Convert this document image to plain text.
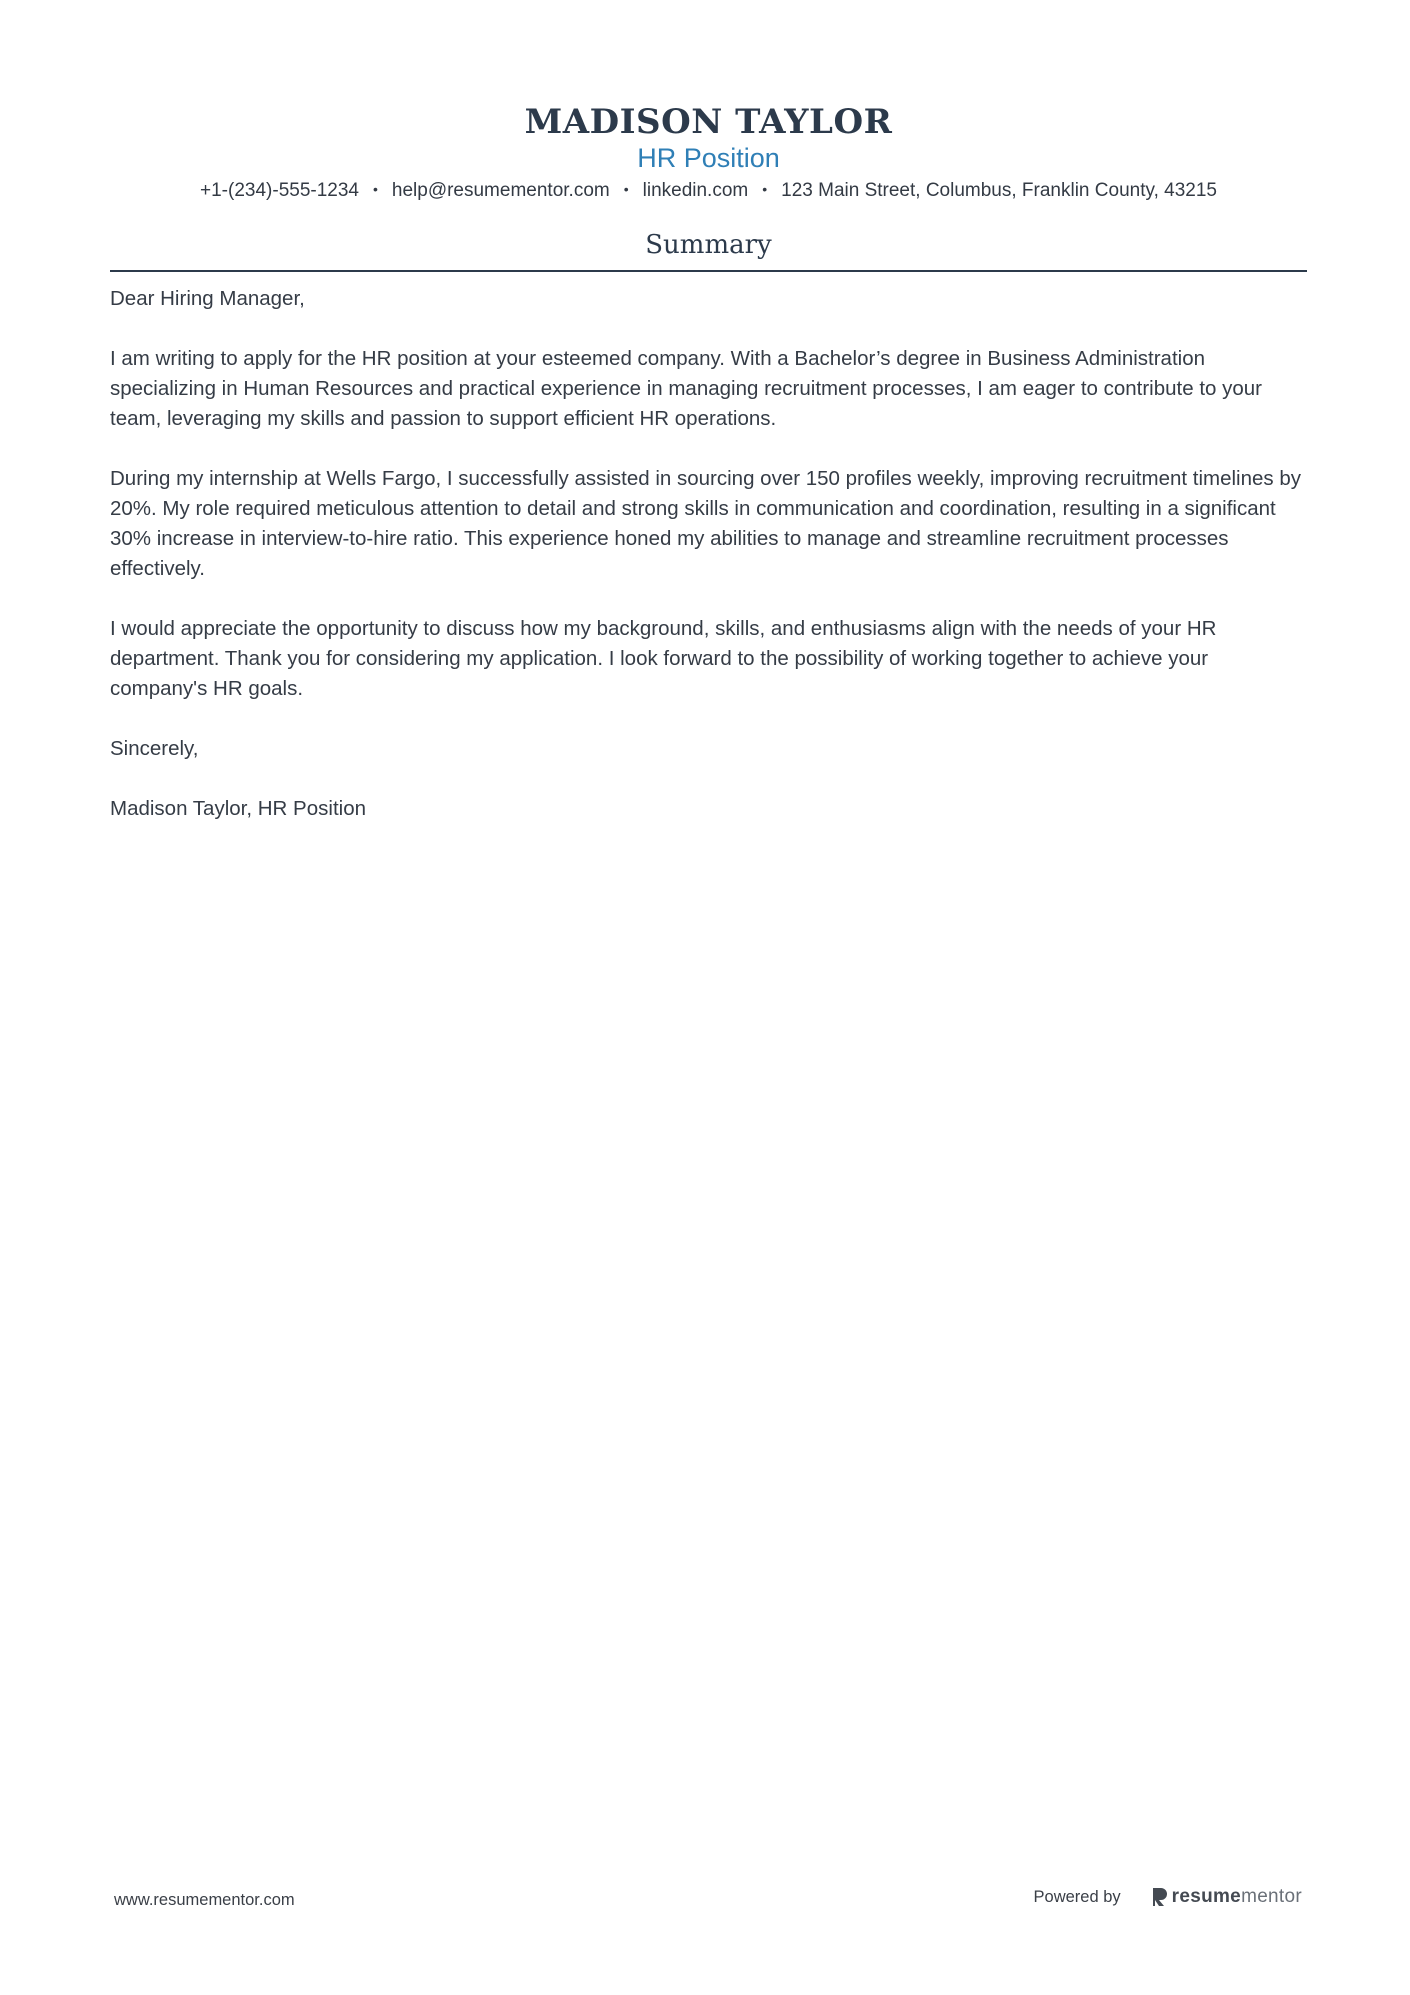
MADISON TAYLOR
HR Position
+1-(234)-555-1234 • help@resumementor.com • linkedin.com • 123 Main Street, Columbus, Franklin County, 43215
Summary

Dear Hiring Manager,

I am writing to apply for the HR position at your esteemed company. With a Bachelor’s degree in Business Administration specializing in Human Resources and practical experience in managing recruitment processes, I am eager to contribute to your team, leveraging my skills and passion to support efficient HR operations.

During my internship at Wells Fargo, I successfully assisted in sourcing over 150 profiles weekly, improving recruitment timelines by 20%. My role required meticulous attention to detail and strong skills in communication and coordination, resulting in a significant 30% increase in interview-to-hire ratio. This experience honed my abilities to manage and streamline recruitment processes effectively.

I would appreciate the opportunity to discuss how my background, skills, and enthusiasms align with the needs of your HR department. Thank you for considering my application. I look forward to the possibility of working together to achieve your company's HR goals.

Sincerely,

Madison Taylor, HR Position

www.resumementor.com	Powered by	resume mentor
